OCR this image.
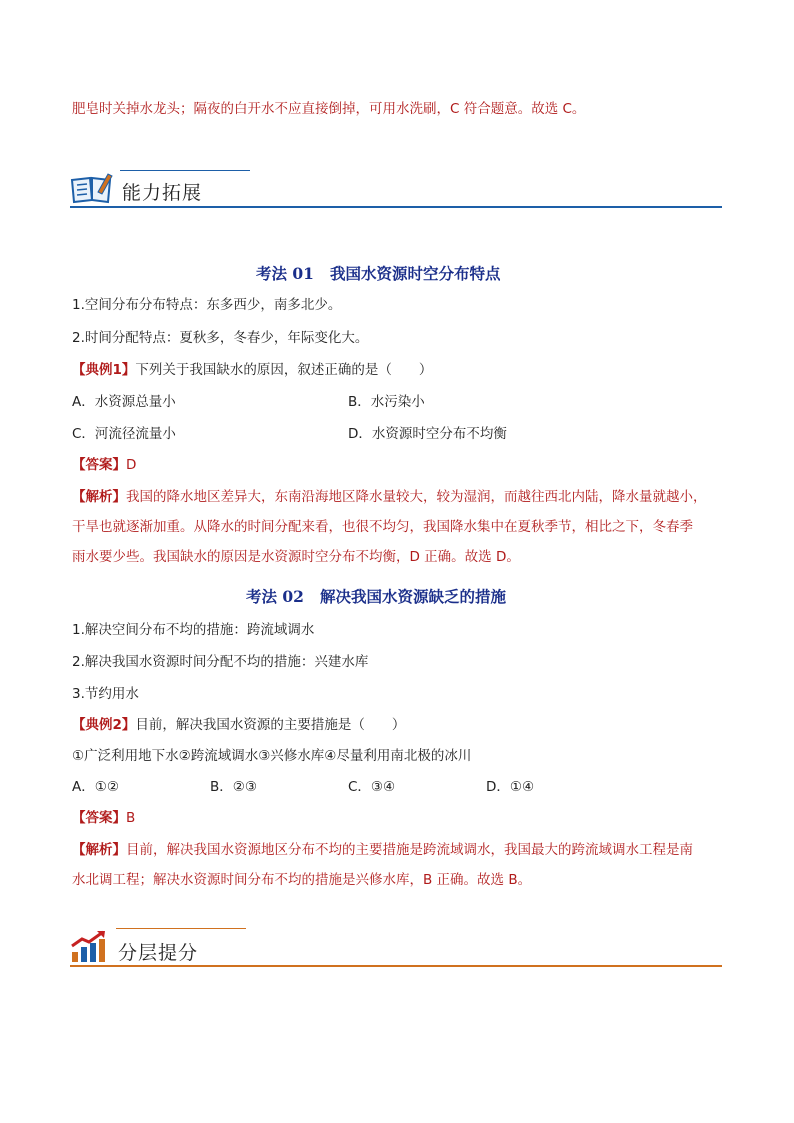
肥皂时关掉水龙头；隔夜的白开水不应直接倒掉，可用水洗刷，C 符合题意。故选 C。
能力拓展
考法 01 我国水资源时空分布特点
1.空间分布分布特点：东多西少，南多北少。
2.时间分配特点：夏秋多，冬春少，年际变化大。
【典例1】下列关于我国缺水的原因，叙述正确的是（　　）
A．水资源总量小	B．水污染小
C．河流径流量小	D．水资源时空分布不均衡
【答案】D
【解析】我国的降水地区差异大，东南沿海地区降水量较大，较为湿润，而越往西北内陆，降水量就越小，
干旱也就逐渐加重。从降水的时间分配来看，也很不均匀，我国降水集中在夏秋季节，相比之下，冬春季
雨水要少些。我国缺水的原因是水资源时空分布不均衡，D 正确。故选 D。
考法 02 解决我国水资源缺乏的措施
1.解决空间分布不均的措施：跨流域调水
2.解决我国水资源时间分配不均的措施：兴建水库
3.节约用水
【典例2】目前，解决我国水资源的主要措施是（　　）
①广泛利用地下水②跨流域调水③兴修水库④尽量利用南北极的冰川
A．①②	B．②③	C．③④	D．①④
【答案】B
【解析】目前，解决我国水资源地区分布不均的主要措施是跨流域调水，我国最大的跨流域调水工程是南
水北调工程；解决水资源时间分布不均的措施是兴修水库，B 正确。故选 B。
分层提分
